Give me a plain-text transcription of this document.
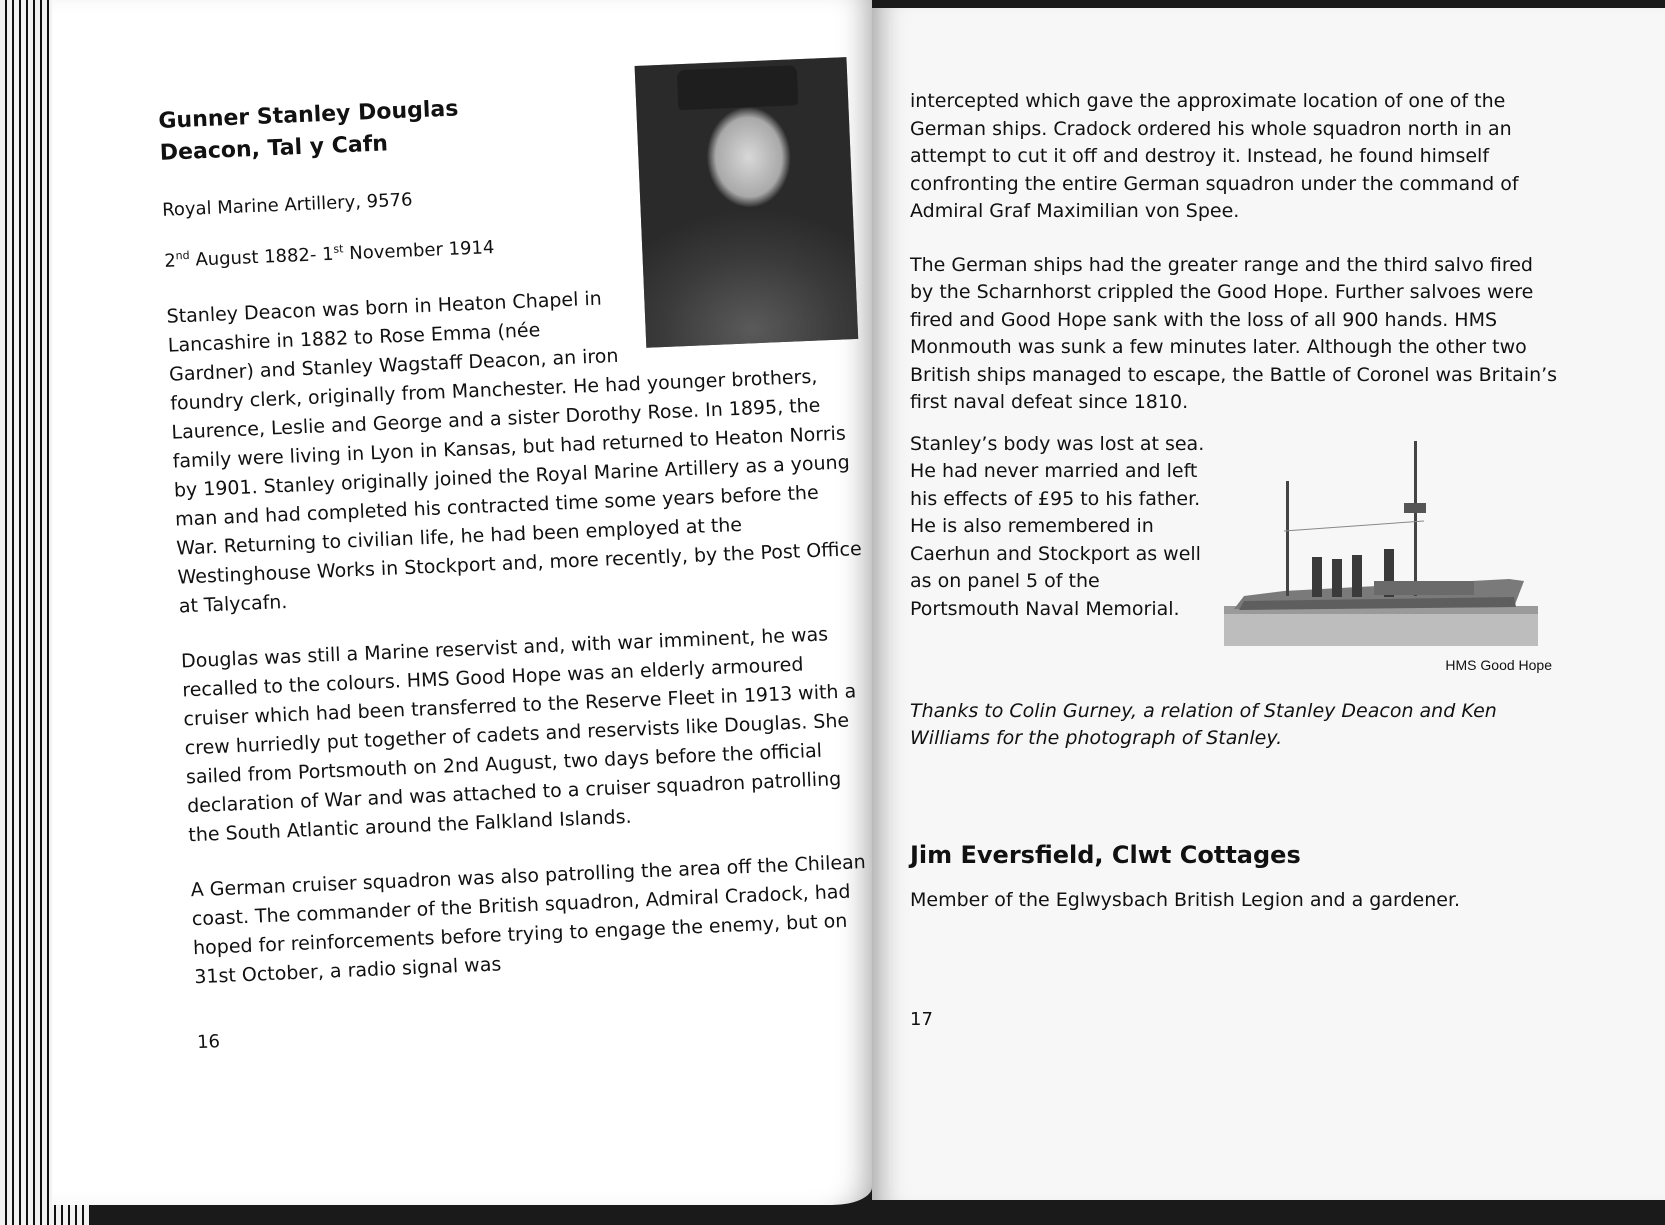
Gunner Stanley Douglas Deacon, Tal y Cafn

Royal Marine Artillery, 9576

2nd August 1882- 1st November 1914

Stanley Deacon was born in Heaton Chapel in Lancashire in 1882 to Rose Emma (née Gardner) and Stanley Wagstaff Deacon, an iron foundry clerk, originally from Manchester. He had younger brothers, Laurence, Leslie and George and a sister Dorothy Rose. In 1895, the family were living in Lyon in Kansas, but had returned to Heaton Norris by 1901. Stanley originally joined the Royal Marine Artillery as a young man and had completed his contracted time some years before the War. Returning to civilian life, he had been employed at the Westinghouse Works in Stockport and, more recently, by the Post Office at Talycafn.

Douglas was still a Marine reservist and, with war imminent, he was recalled to the colours. HMS Good Hope was an elderly armoured cruiser which had been transferred to the Reserve Fleet in 1913 with a crew hurriedly put together of cadets and reservists like Douglas. She sailed from Portsmouth on 2nd August, two days before the official declaration of War and was attached to a cruiser squadron patrolling the South Atlantic around the Falkland Islands.

A German cruiser squadron was also patrolling the area off the Chilean coast. The commander of the British squadron, Admiral Cradock, had hoped for reinforcements before trying to engage the enemy, but on 31st October, a radio signal was

16

intercepted which gave the approximate location of one of the German ships. Cradock ordered his whole squadron north in an attempt to cut it off and destroy it. Instead, he found himself confronting the entire German squadron under the command of Admiral Graf Maximilian von Spee.

The German ships had the greater range and the third salvo fired by the Scharnhorst crippled the Good Hope. Further salvoes were fired and Good Hope sank with the loss of all 900 hands. HMS Monmouth was sunk a few minutes later. Although the other two British ships managed to escape, the Battle of Coronel was Britain’s first naval defeat since 1810.

Stanley’s body was lost at sea. He had never married and left his effects of £95 to his father. He is also remembered in Caerhun and Stockport as well as on panel 5 of the Portsmouth Naval Memorial.
HMS Good Hope

Thanks to Colin Gurney, a relation of Stanley Deacon and Ken Williams for the photograph of Stanley.

Jim Eversfield, Clwt Cottages
Member of the Eglwysbach British Legion and a gardener.
17
